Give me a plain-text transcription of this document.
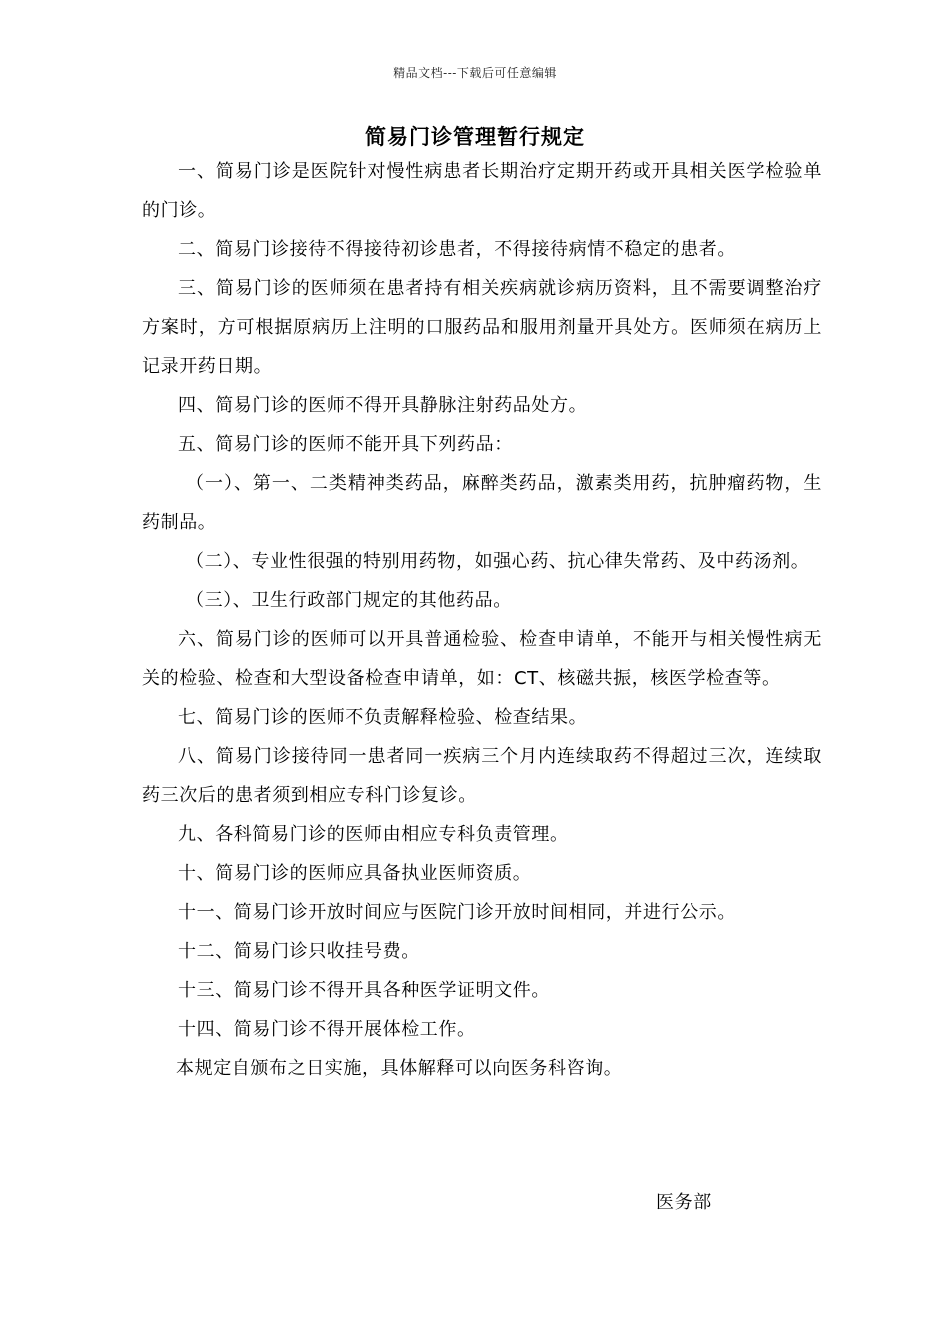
精品文档---下载后可任意编辑
简易门诊管理暂行规定

一、简易门诊是医院针对慢性病患者长期治疗定期开药或开具相关医学检验单的门诊。

二、简易门诊接待不得接待初诊患者，不得接待病情不稳定的患者。

三、简易门诊的医师须在患者持有相关疾病就诊病历资料，且不需要调整治疗方案时，方可根据原病历上注明的口服药品和服用剂量开具处方。医师须在病历上记录开药日期。

四、简易门诊的医师不得开具静脉注射药品处方。

五、简易门诊的医师不能开具下列药品：

（一）、第一、二类精神类药品，麻醉类药品，激素类用药，抗肿瘤药物，生药制品。

（二）、专业性很强的特别用药物，如强心药、抗心律失常药、及中药汤剂。

（三）、卫生行政部门规定的其他药品。

六、简易门诊的医师可以开具普通检验、检查申请单，不能开与相关慢性病无关的检验、检查和大型设备检查申请单，如：CT、核磁共振，核医学检查等。

七、简易门诊的医师不负责解释检验、检查结果。

八、简易门诊接待同一患者同一疾病三个月内连续取药不得超过三次，连续取药三次后的患者须到相应专科门诊复诊。

九、各科简易门诊的医师由相应专科负责管理。

十、简易门诊的医师应具备执业医师资质。

十一、简易门诊开放时间应与医院门诊开放时间相同，并进行公示。

十二、简易门诊只收挂号费。

十三、简易门诊不得开具各种医学证明文件。

十四、简易门诊不得开展体检工作。

本规定自颁布之日实施，具体解释可以向医务科咨询。

医务部
